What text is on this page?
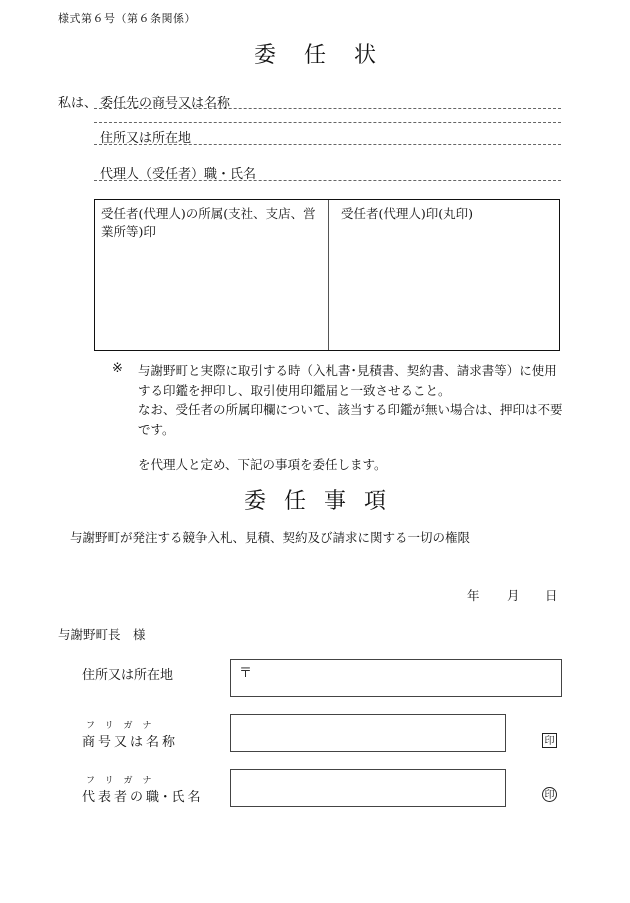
様式第６号（第６条関係）
委任状
私は、 委任先の商号又は名称
住所又は所在地
代理人（受任者）職・氏名
受任者(代理人)の所属(支社、支店、営業所等)印
受任者(代理人)印(丸印)
※ 与謝野町と実際に取引する時（入札書･見積書、契約書、請求書等）に使用する印鑑を押印し、取引使用印鑑届と一致させること。

なお、受任者の所属印欄について、該当する印鑑が無い場合は、押印は不要です。

を代理人と定め、下記の事項を委任します。
委任事項
与謝野町が発注する競争入札、見積、契約及び請求に関する一切の権限
年 月 日
与謝野町長　様
住所又は所在地	〒
フリガナ
商号又は名称	印
フリガナ
代表者の職･氏名	印
